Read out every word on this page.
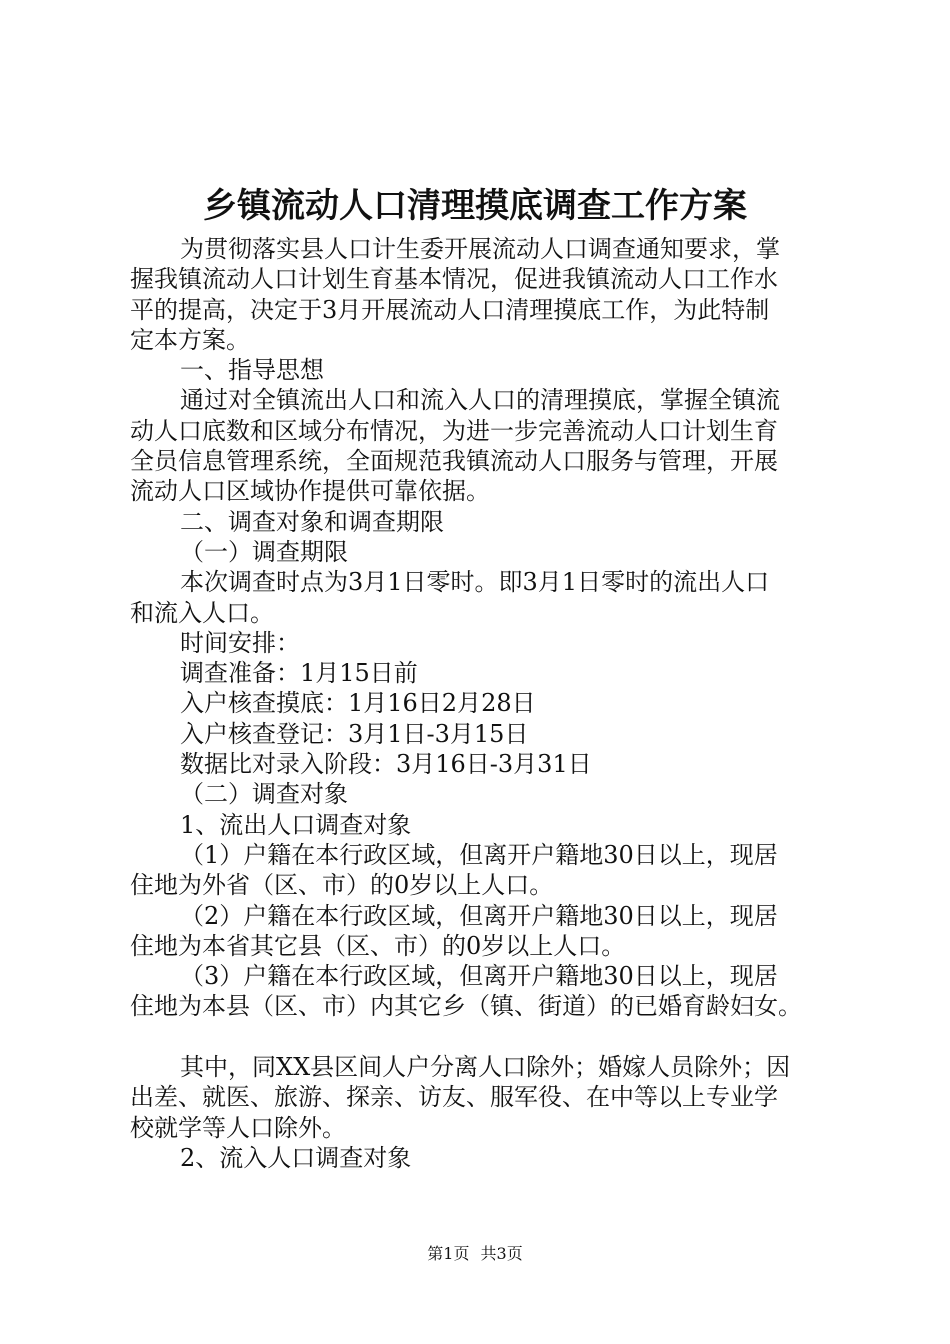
乡镇流动人口清理摸底调查工作方案

为贯彻落实县人口计生委开展流动人口调查通知要求，掌

握我镇流动人口计划生育基本情况，促进我镇流动人口工作水

平的提高，决定于3月开展流动人口清理摸底工作，为此特制

定本方案。

一、指导思想

通过对全镇流出人口和流入人口的清理摸底，掌握全镇流

动人口底数和区域分布情况，为进一步完善流动人口计划生育

全员信息管理系统，全面规范我镇流动人口服务与管理，开展

流动人口区域协作提供可靠依据。

二、调查对象和调查期限

（一）调查期限

本次调查时点为3月1日零时。即3月1日零时的流出人口

和流入人口。

时间安排：

调查准备：1月15日前

入户核查摸底：1月16日2月28日

入户核查登记：3月1日-3月15日

数据比对录入阶段：3月16日-3月31日

（二）调查对象

1、流出人口调查对象

（1）户籍在本行政区域，但离开户籍地30日以上，现居

住地为外省（区、市）的0岁以上人口。

（2）户籍在本行政区域，但离开户籍地30日以上，现居

住地为本省其它县（区、市）的0岁以上人口。

（3）户籍在本行政区域，但离开户籍地30日以上，现居

住地为本县（区、市）内其它乡（镇、街道）的已婚育龄妇女。

其中，同XX县区间人户分离人口除外；婚嫁人员除外；因

出差、就医、旅游、探亲、访友、服军役、在中等以上专业学

校就学等人口除外。

2、流入人口调查对象

第1页 共3页
